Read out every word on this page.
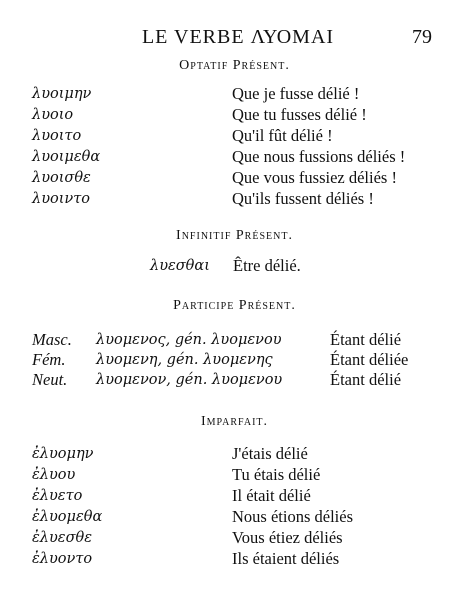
LE VERBE ΛΥΟΜΑΙ	79
Optatif Présent.
λυοιμην	Que je fusse délié !
λυοιο	Que tu fusses délié !
λυοιτο	Qu'il fût délié !
λυοιμεθα	Que nous fussions déliés !
λυοισθε	Que vous fussiez déliés !
λυοιντο	Qu'ils fussent déliés !
Infinitif Présent.
λυεσθαι Être délié.
Participe Présent.
Masc. λυομενος, gén. λυομενου	Étant délié
Fém. λυομενη, gén. λυομενης	Étant déliée
Neut. λυομενον, gén. λυομενου	Étant délié
Imparfait.
ἐλυομην	J'étais délié
ἐλυου	Tu étais délié
ἐλυετο	Il était délié
ἐλυομεθα	Nous étions déliés
ἐλυεσθε	Vous étiez déliés
ἐλυοντο	Ils étaient déliés
